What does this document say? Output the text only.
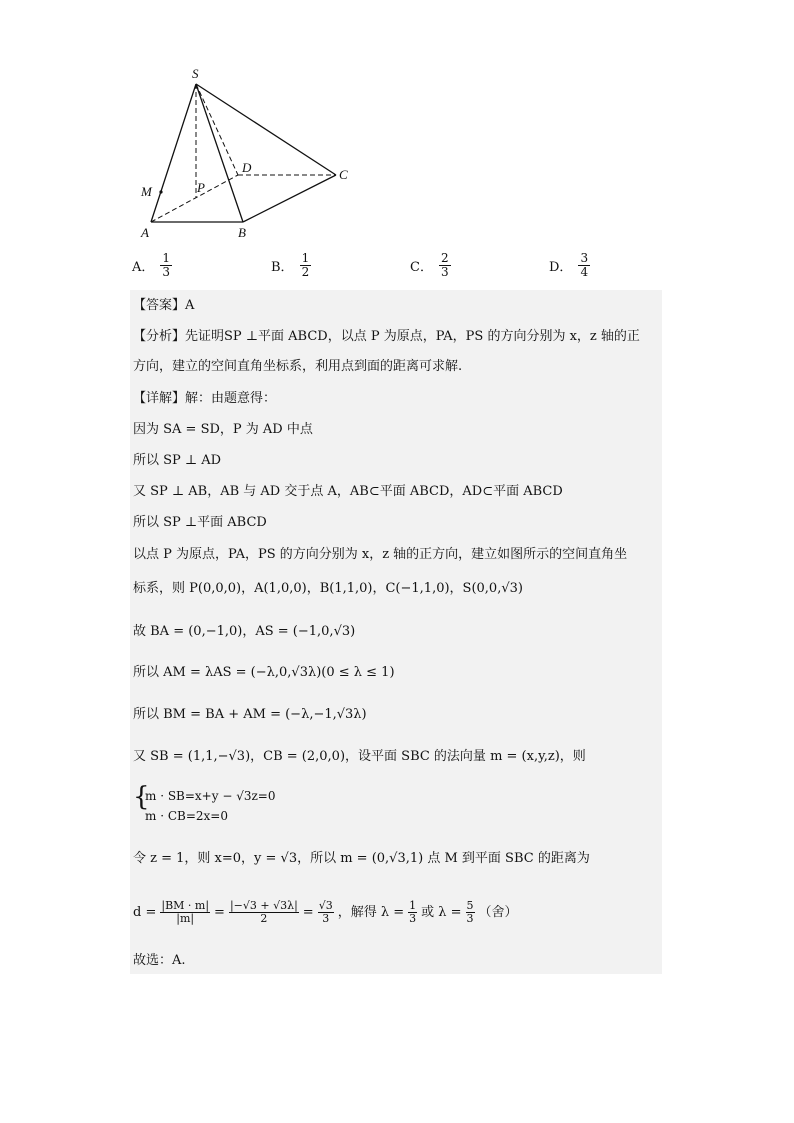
S
D	C
M	P
A	B
A． $\frac{1}{3}$	B． $\frac{1}{2}$	C． $\frac{2}{3}$	D． $\frac{3}{4}$
【答案】A
【分析】先证明SP ⊥平面 ABCD，以点 P 为原点，PA，PS 的方向分别为 x，z 轴的正
方向，建立的空间直角坐标系，利用点到面的距离可求解.
【详解】解：由题意得：
因为 SA = SD，P 为 AD 中点
所以 SP ⊥ AD
又 SP ⊥ AB，AB 与 AD 交于点 A，AB⊂平面 ABCD，AD⊂平面 ABCD
所以 SP ⊥平面 ABCD
以点 P 为原点，PA，PS 的方向分别为 x，z 轴的正方向，建立如图所示的空间直角坐
标系，则 P(0,0,0)，A(1,0,0)，B(1,1,0)，C(−1,1,0)，S(0,0,√3)
故 BA = (0,−1,0)，AS = (−1,0,√3)
所以 AM = λAS = (−λ,0,√3λ)(0 ≤ λ ≤ 1)
所以 BM = BA + AM = (−λ,−1,√3λ)
又 SB = (1,1,−√3)，CB = (2,0,0)，设平面 SBC 的法向量 m = (x,y,z)，则
{
m · SB=x+y − √3z=0
m · CB=2x=0
令 z = 1，则 x=0，y = √3，所以 m = (0,√3,1) 点 M 到平面 SBC 的距离为
$d = \frac{|BM \cdot m|}{|m|} = \frac{|-√3 + √3\lambda|}{2} = \frac{√3}{3}$ ，解得 $\lambda = \frac{1}{3}$ 或 $\lambda = \frac{5}{3}$ （舍）
故选：A.
